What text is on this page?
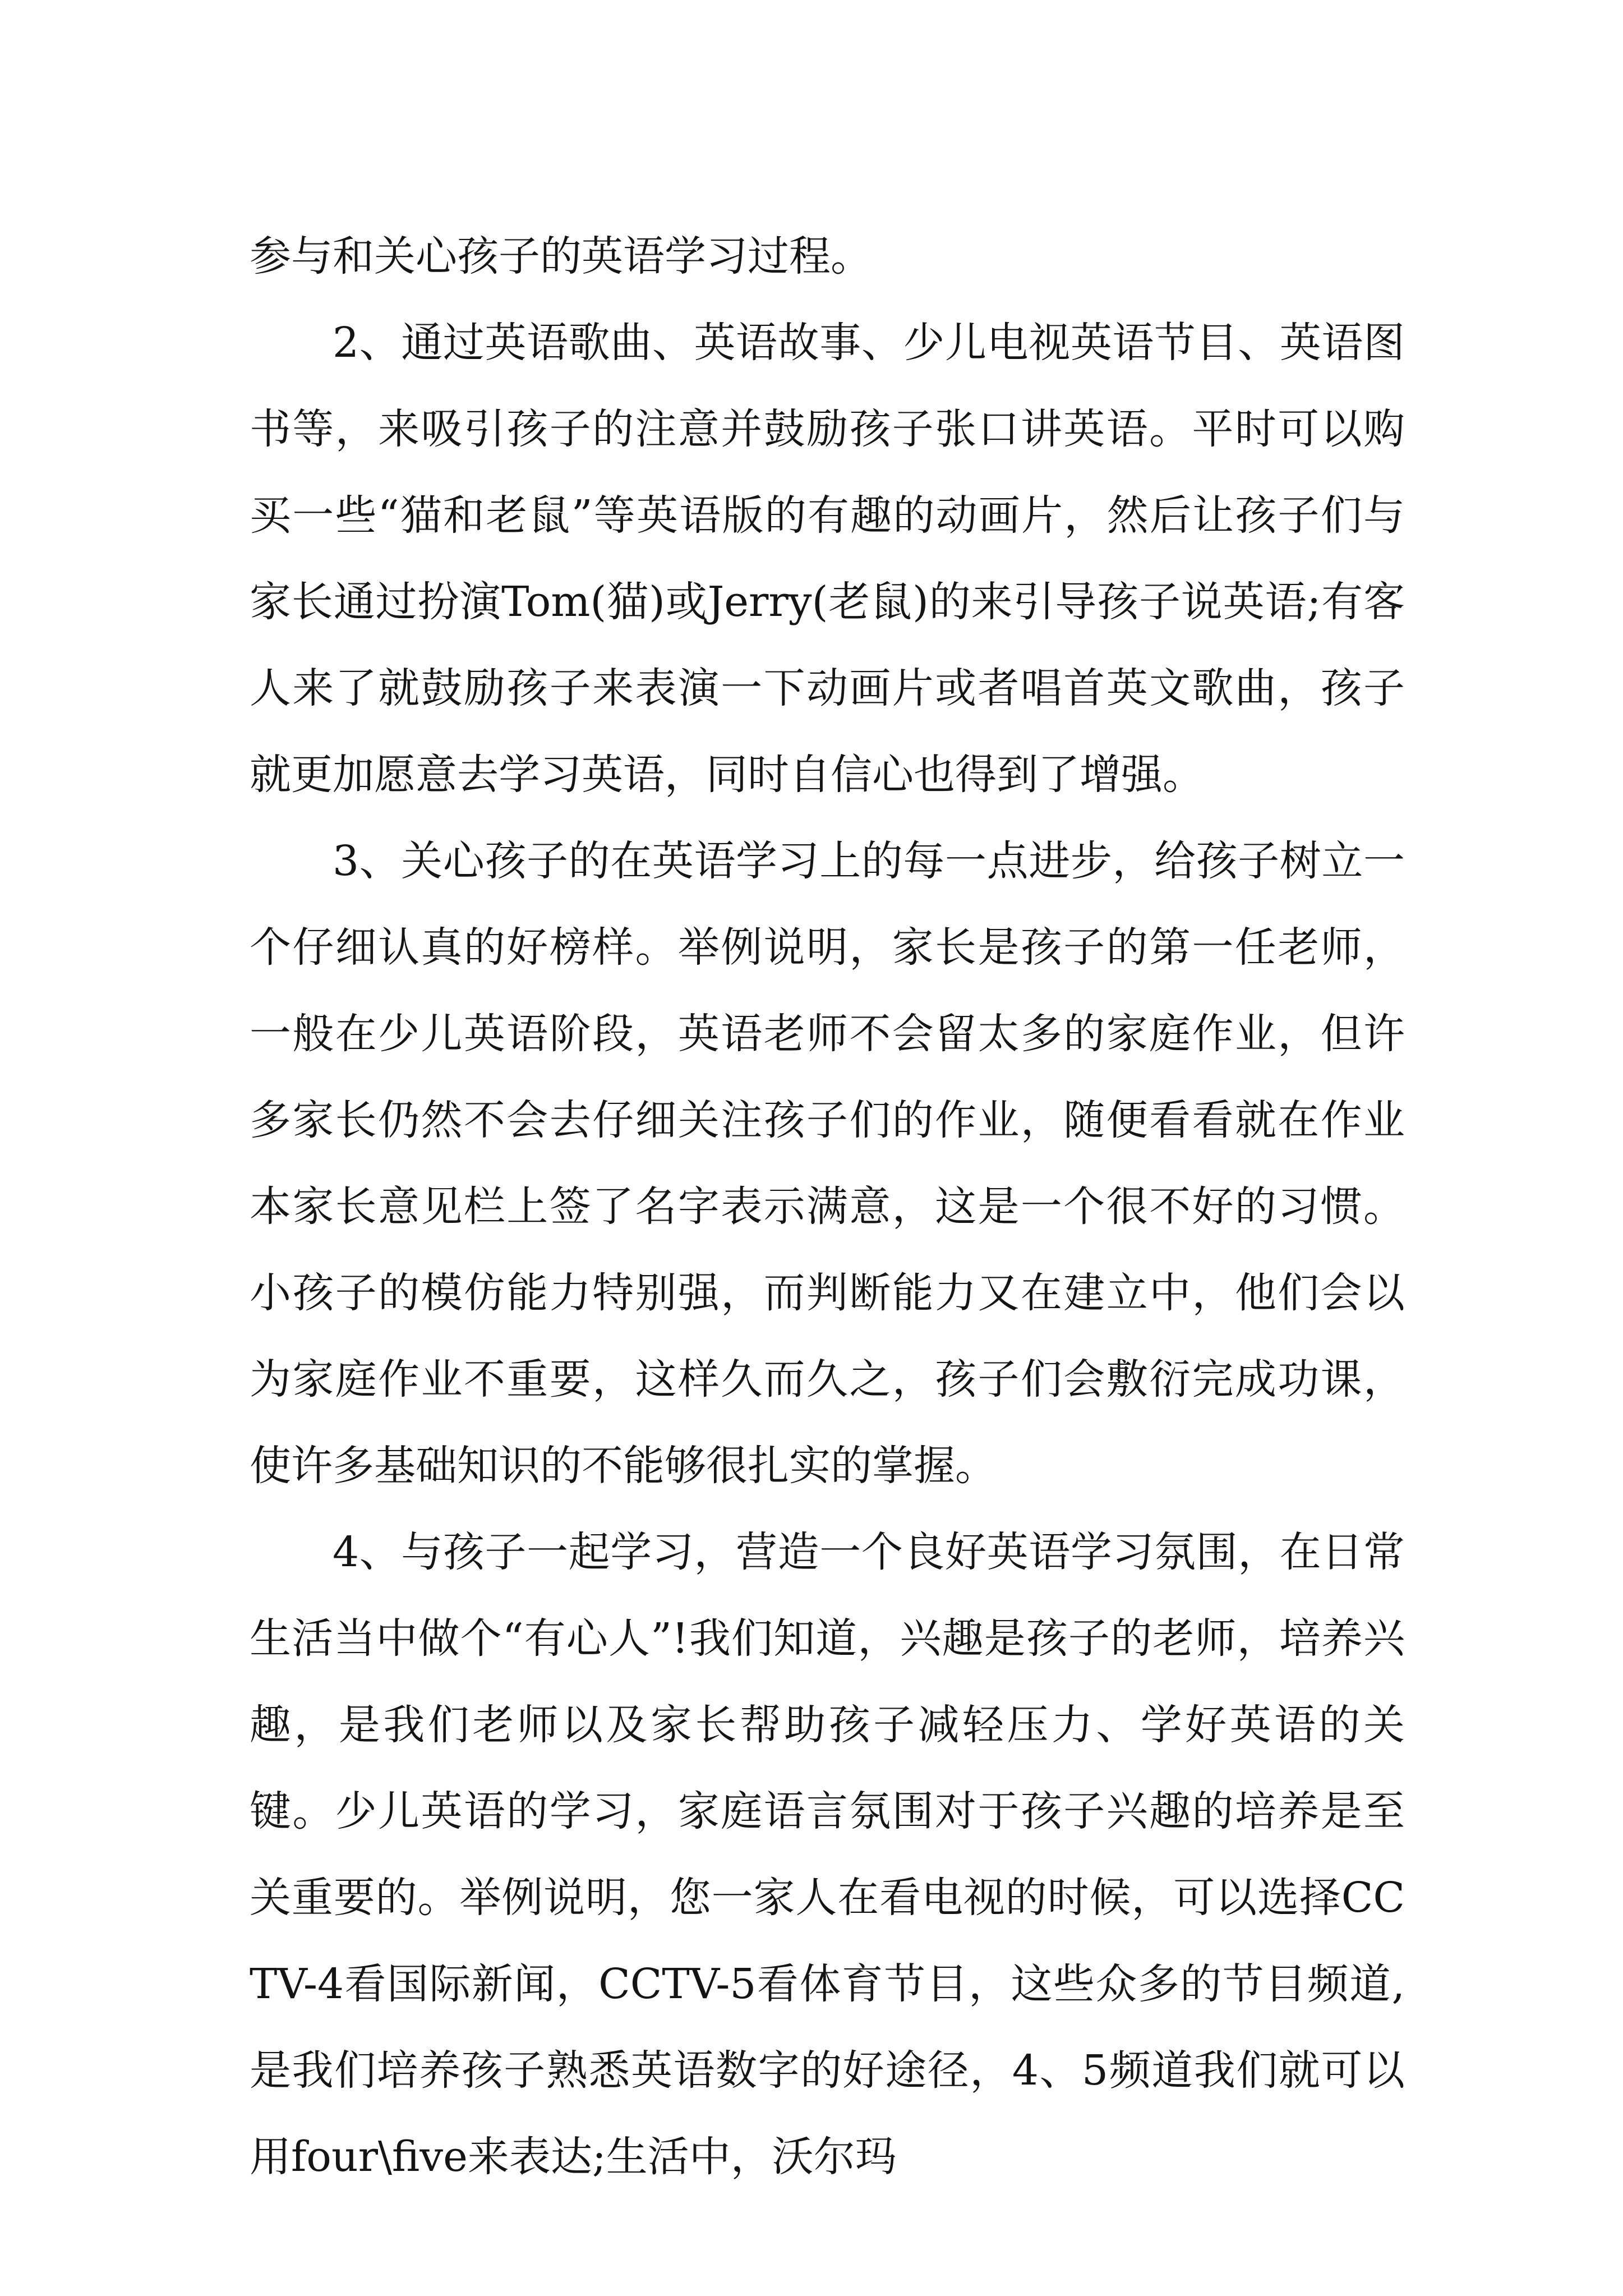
参与和关心孩子的英语学习过程。

2、通过英语歌曲、英语故事、少儿电视英语节目、英语图书等，来吸引孩子的注意并鼓励孩子张口讲英语。平时可以购买一些“猫和老鼠”等英语版的有趣的动画片，然后让孩子们与家长通过扮演Tom(猫)或Jerry(老鼠)的来引导孩子说英语;有客人来了就鼓励孩子来表演一下动画片或者唱首英文歌曲，孩子就更加愿意去学习英语，同时自信心也得到了增强。

3、关心孩子的在英语学习上的每一点进步，给孩子树立一个仔细认真的好榜样。举例说明，家长是孩子的第一任老师，一般在少儿英语阶段，英语老师不会留太多的家庭作业，但许多家长仍然不会去仔细关注孩子们的作业，随便看看就在作业本家长意见栏上签了名字表示满意，这是一个很不好的习惯。小孩子的模仿能力特别强，而判断能力又在建立中，他们会以为家庭作业不重要，这样久而久之，孩子们会敷衍完成功课，使许多基础知识的不能够很扎实的掌握。

4、与孩子一起学习，营造一个良好英语学习氛围，在日常生活当中做个“有心人”!我们知道，兴趣是孩子的老师，培养兴趣，是我们老师以及家长帮助孩子减轻压力、学好英语的关键。少儿英语的学习，家庭语言氛围对于孩子兴趣的培养是至关重要的。举例说明，您一家人在看电视的时候，可以选择CCTV-4看国际新闻，CCTV-5看体育节目，这些众多的节目频道,是我们培养孩子熟悉英语数字的好途径，4、5频道我们就可以用four\five来表达;生活中，沃尔玛
